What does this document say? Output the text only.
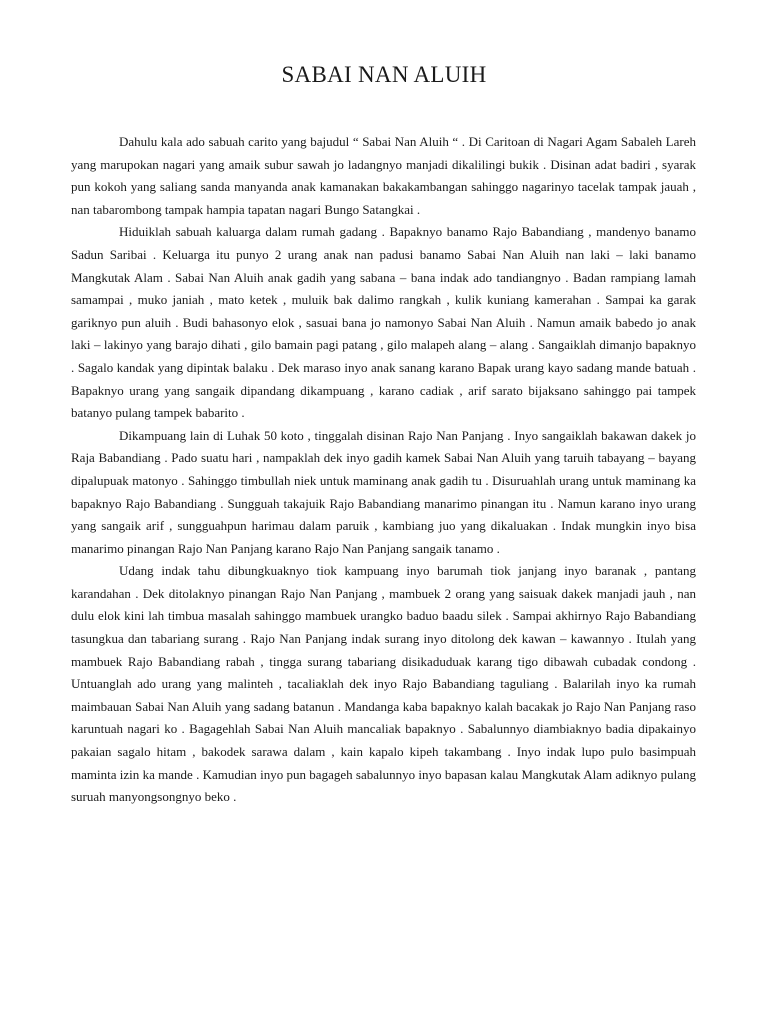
SABAI NAN ALUIH

Dahulu kala ado sabuah carito yang bajudul “ Sabai Nan Aluih “ . Di Caritoan di Nagari Agam Sabaleh Lareh yang marupokan nagari yang amaik subur sawah jo ladangnyo manjadi dikalilingi bukik . Disinan adat badiri , syarak pun kokoh yang saliang sanda manyanda anak kamanakan bakakambangan sahinggo nagarinyo tacelak tampak jauah , nan tabarombong tampak hampia tapatan nagari Bungo Satangkai .

Hiduiklah sabuah kaluarga dalam rumah gadang . Bapaknyo banamo Rajo Babandiang , mandenyo banamo Sadun Saribai . Keluarga itu punyo 2 urang anak nan padusi banamo Sabai Nan Aluih nan laki – laki banamo Mangkutak Alam . Sabai Nan Aluih anak gadih yang sabana – bana indak ado tandiangnyo . Badan rampiang lamah samampai , muko janiah , mato ketek , muluik bak dalimo rangkah , kulik kuniang kamerahan . Sampai ka garak gariknyo pun aluih . Budi bahasonyo elok , sasuai bana jo namonyo Sabai Nan Aluih . Namun amaik babedo jo anak laki – lakinyo yang barajo dihati , gilo bamain pagi patang , gilo malapeh alang – alang . Sangaiklah dimanjo bapaknyo . Sagalo kandak yang dipintak balaku . Dek maraso inyo anak sanang karano Bapak urang kayo sadang mande batuah . Bapaknyo urang yang sangaik dipandang dikampuang , karano cadiak , arif sarato bijaksano sahinggo pai tampek batanyo pulang tampek babarito .

Dikampuang lain di Luhak 50 koto , tinggalah disinan Rajo Nan Panjang . Inyo sangaiklah bakawan dakek jo Raja Babandiang . Pado suatu hari , nampaklah dek inyo gadih kamek Sabai Nan Aluih yang taruih tabayang – bayang dipalupuak matonyo . Sahinggo timbullah niek untuk maminang anak gadih tu . Disuruahlah urang untuk maminang ka bapaknyo Rajo Babandiang . Sungguah takajuik Rajo Babandiang manarimo pinangan itu . Namun karano inyo urang yang sangaik arif , sungguahpun harimau dalam paruik , kambiang juo yang dikaluakan . Indak mungkin inyo bisa manarimo pinangan Rajo Nan Panjang karano Rajo Nan Panjang sangaik tanamo .

Udang indak tahu dibungkuaknyo tiok kampuang inyo barumah tiok janjang inyo baranak , pantang karandahan . Dek ditolaknyo pinangan Rajo Nan Panjang , mambuek 2 orang yang saisuak dakek manjadi jauh , nan dulu elok kini lah timbua masalah sahinggo mambuek urangko baduo baadu silek . Sampai akhirnyo Rajo Babandiang tasungkua dan tabariang surang . Rajo Nan Panjang indak surang inyo ditolong dek kawan – kawannyo . Itulah yang mambuek Rajo Babandiang rabah , tingga surang tabariang disikaduduak karang tigo dibawah cubadak condong . Untuanglah ado urang yang malinteh , tacaliaklah dek inyo Rajo Babandiang taguliang . Balarilah inyo ka rumah maimbauan Sabai Nan Aluih yang sadang batanun . Mandanga kaba bapaknyo kalah bacakak jo Rajo Nan Panjang raso karuntuah nagari ko . Bagagehlah Sabai Nan Aluih mancaliak bapaknyo . Sabalunnyo diambiaknyo badia dipakainyo pakaian sagalo hitam , bakodek sarawa dalam , kain kapalo kipeh takambang . Inyo indak lupo pulo basimpuah maminta izin ka mande . Kamudian inyo pun bagageh sabalunnyo inyo bapasan kalau Mangkutak Alam adiknyo pulang suruah manyongsongnyo beko .
